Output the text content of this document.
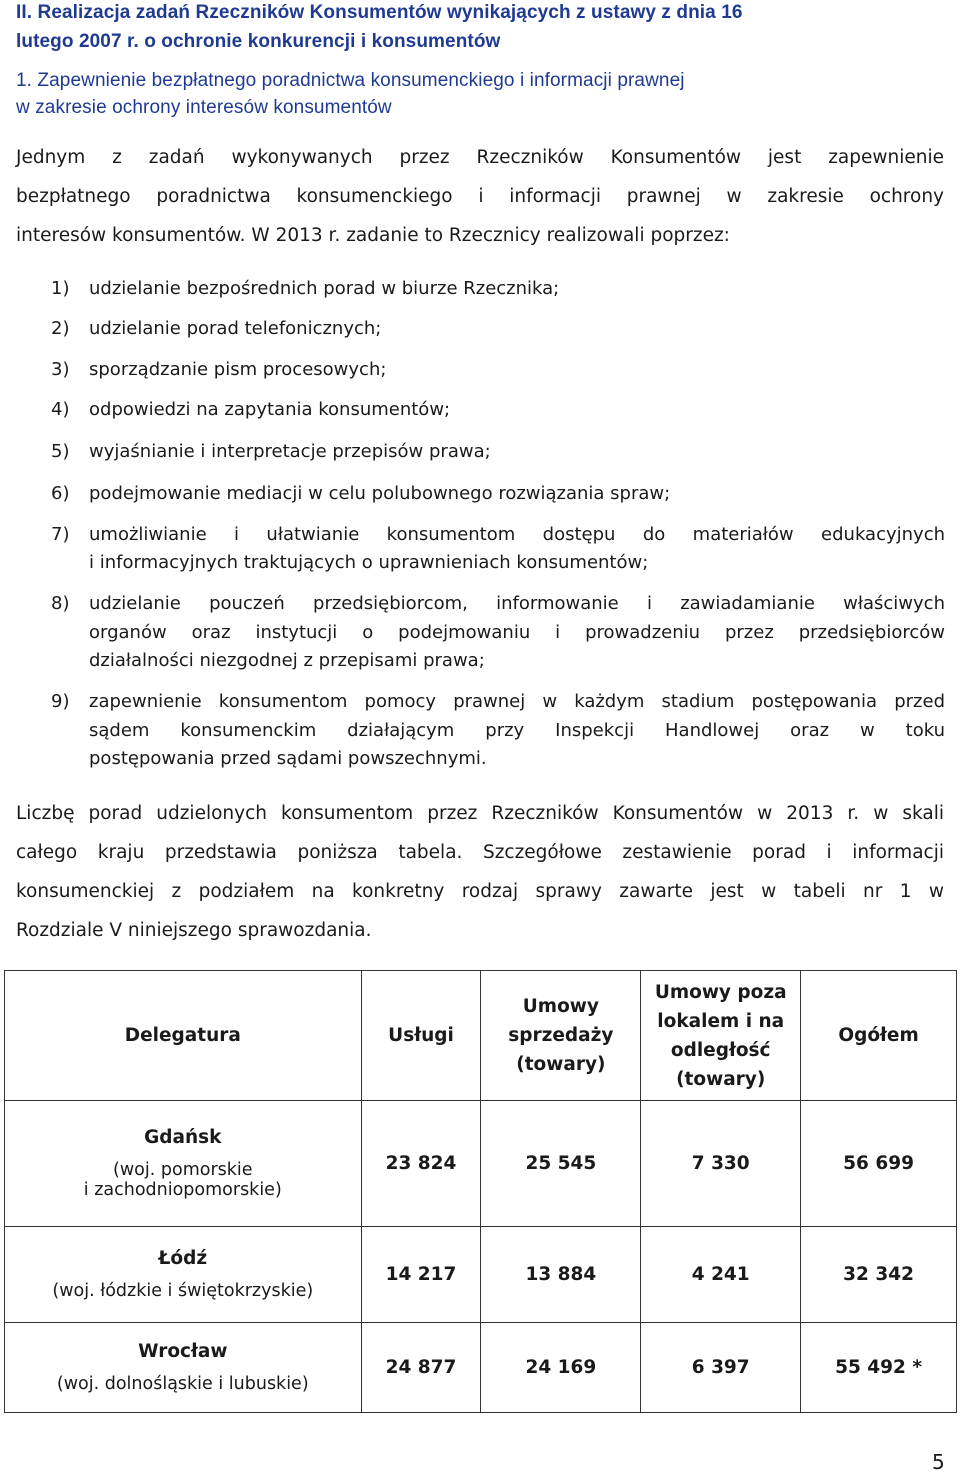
II. Realizacja zadań Rzeczników Konsumentów wynikających z ustawy z dnia 16
lutego 2007 r. o ochronie konkurencji i konsumentów
1. Zapewnienie bezpłatnego poradnictwa konsumenckiego i informacji prawnej
w zakresie ochrony interesów konsumentów
Jednym z zadań wykonywanych przez Rzeczników Konsumentów jest zapewnienie
bezpłatnego poradnictwa konsumenckiego i informacji prawnej w zakresie ochrony
interesów konsumentów. W 2013 r. zadanie to Rzecznicy realizowali poprzez:
1) udzielanie bezpośrednich porad w biurze Rzecznika;
2) udzielanie porad telefonicznych;
3) sporządzanie pism procesowych;
4) odpowiedzi na zapytania konsumentów;
5) wyjaśnianie i interpretacje przepisów prawa;
6) podejmowanie mediacji w celu polubownego rozwiązania spraw;
7) umożliwianie i ułatwianie konsumentom dostępu do materiałów edukacyjnych
i informacyjnych traktujących o uprawnieniach konsumentów;
8) udzielanie pouczeń przedsiębiorcom, informowanie i zawiadamianie właściwych
organów oraz instytucji o podejmowaniu i prowadzeniu przez przedsiębiorców
działalności niezgodnej z przepisami prawa;
9) zapewnienie konsumentom pomocy prawnej w każdym stadium postępowania przed
sądem konsumenckim działającym przy Inspekcji Handlowej oraz w toku
postępowania przed sądami powszechnymi.
Liczbę porad udzielonych konsumentom przez Rzeczników Konsumentów w 2013 r. w skali
całego kraju przedstawia poniższa tabela. Szczegółowe zestawienie porad i informacji
konsumenckiej z podziałem na konkretny rodzaj sprawy zawarte jest w tabeli nr 1 w
Rozdziale V niniejszego sprawozdania.
Delegatura	Usługi	Umowy
sprzedaży
(towary)	Umowy poza
lokalem i na
odległość
(towary)	Ogółem

Gdańsk
(woj. pomorskie
i zachodniopomorskie)	23 824	25 545	7 330	56 699

Łódź
(woj. łódzkie i świętokrzyskie)	14 217	13 884	4 241	32 342

Wrocław
(woj. dolnośląskie i lubuskie)	24 877	24 169	6 397	55 492 *
5
